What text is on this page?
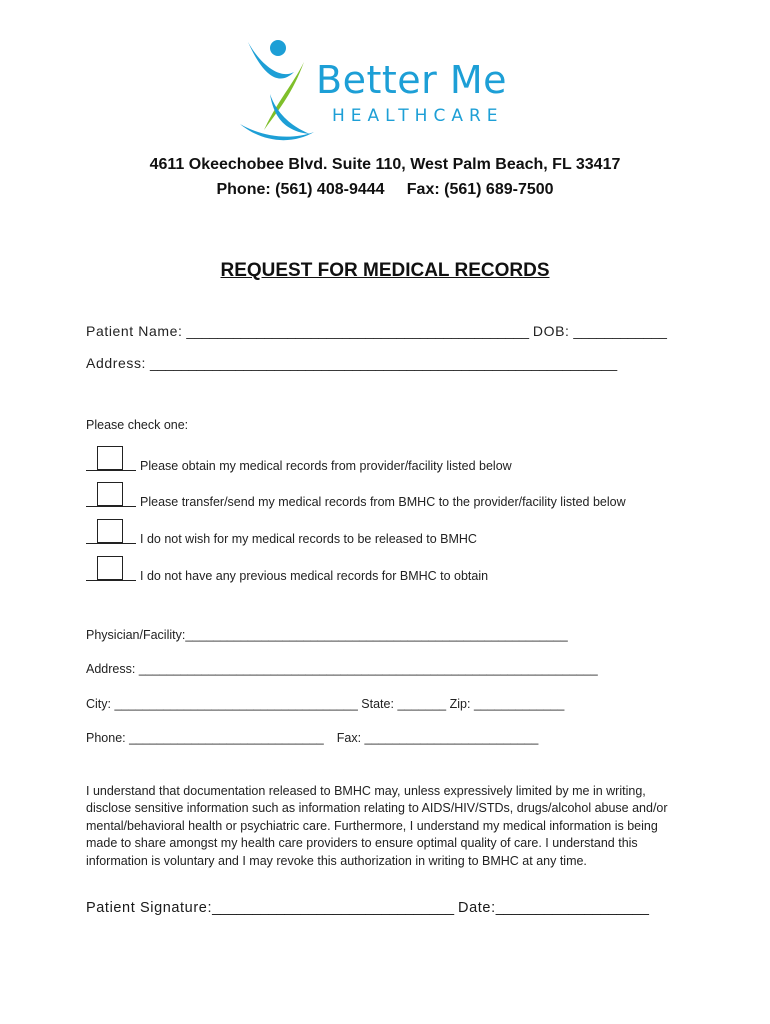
Better Me
HEALTHCARE
4611 Okeechobee Blvd. Suite 110, West Palm Beach, FL 33417
Phone: (561) 408-9444     Fax: (561) 689-7500
REQUEST FOR MEDICAL RECORDS
Patient Name: ____________________________________________ DOB: ____________
Address: ____________________________________________________________
Please check one:
Please obtain my medical records from provider/facility listed below
Please transfer/send my medical records from BMHC to the provider/facility listed below
I do not wish for my medical records to be released to BMHC
I do not have any previous medical records for BMHC to obtain
Physician/Facility:_______________________________________________________
Address: __________________________________________________________________
City: ___________________________________ State: _______ Zip: _____________
Phone: ____________________________ Fax: _________________________
I understand that documentation released to BMHC may, unless expressively limited by me in writing,
disclose sensitive information such as information relating to AIDS/HIV/STDs, drugs/alcohol abuse and/or
mental/behavioral health or psychiatric care. Furthermore, I understand my medical information is being
made to share amongst my health care providers to ensure optimal quality of care. I understand this
information is voluntary and I may revoke this authorization in writing to BMHC at any time.
Patient Signature:______________________________ Date:___________________
